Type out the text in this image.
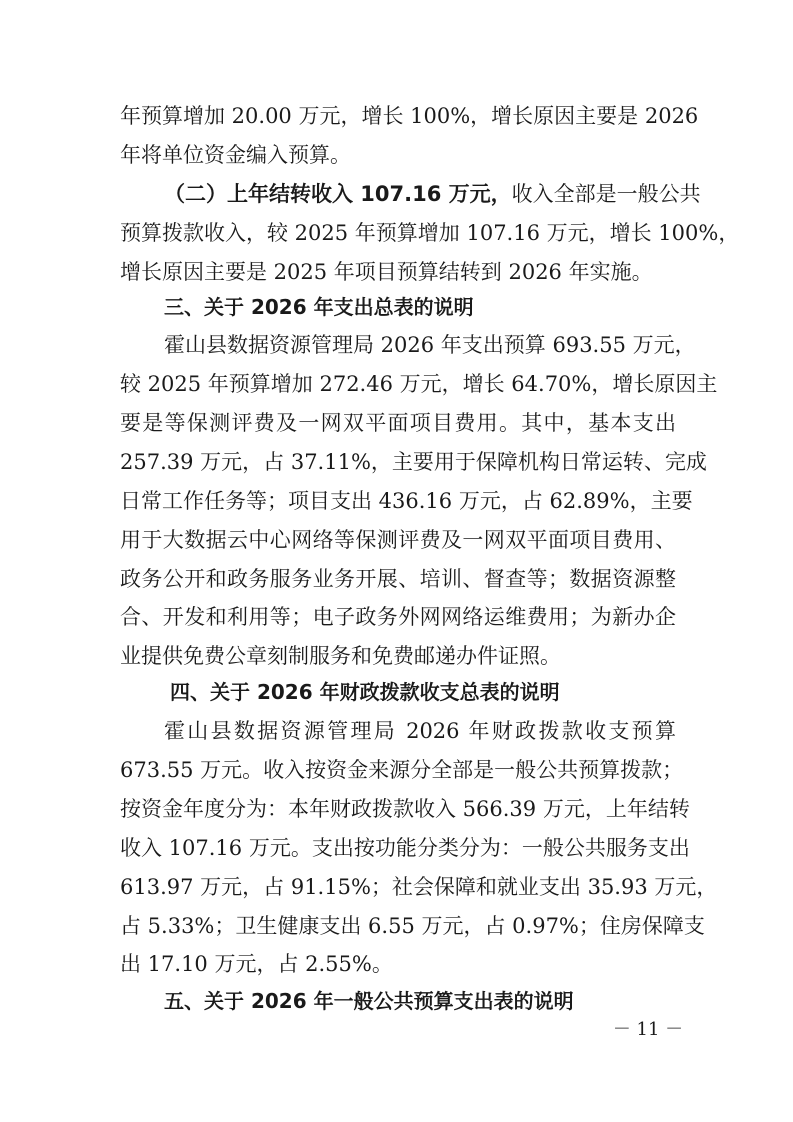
年预算增加 20.00 万元，增长 100%，增长原因主要是 2026
年将单位资金编入预算。
（二）上年结转收入 107.16 万元，收入全部是一般公共
预算拨款收入，较 2025 年预算增加 107.16 万元，增长 100%，
增长原因主要是 2025 年项目预算结转到 2026 年实施。
三、关于 2026 年支出总表的说明
霍山县数据资源管理局 2026 年支出预算 693.55 万元，
较 2025 年预算增加 272.46 万元，增长 64.70%，增长原因主
要是等保测评费及一网双平面项目费用。其中，基本支出
257.39 万元，占 37.11%，主要用于保障机构日常运转、完成
日常工作任务等；项目支出 436.16 万元，占 62.89%，主要
用于大数据云中心网络等保测评费及一网双平面项目费用、
政务公开和政务服务业务开展、培训、督查等；数据资源整
合、开发和利用等；电子政务外网网络运维费用；为新办企
业提供免费公章刻制服务和免费邮递办件证照。
四、关于 2026 年财政拨款收支总表的说明
霍山县数据资源管理局 2026 年财政拨款收支预算
673.55 万元。收入按资金来源分全部是一般公共预算拨款；
按资金年度分为：本年财政拨款收入 566.39 万元，上年结转
收入 107.16 万元。支出按功能分类分为：一般公共服务支出
613.97 万元，占 91.15%；社会保障和就业支出 35.93 万元，
占 5.33%；卫生健康支出 6.55 万元，占 0.97%；住房保障支
出 17.10 万元，占 2.55%。
五、关于 2026 年一般公共预算支出表的说明
－ 11 －
